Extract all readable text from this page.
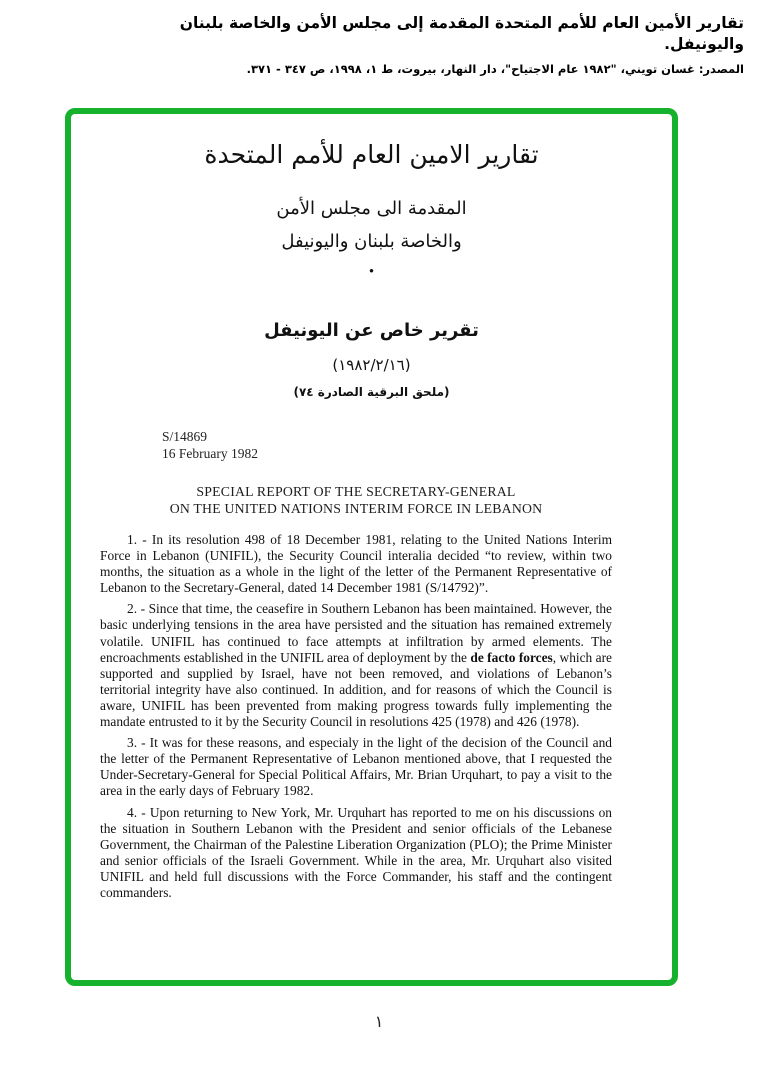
تقارير الأمين العام للأمم المتحدة المقدمة إلى مجلس الأمن والخاصة بلبنان واليونيفل.
المصدر: غسان تويني، "١٩٨٢ عام الاجتياح"، دار النهار، بيروت، ط ١، ١٩٩٨، ص ٣٤٧ - ٣٧١.
تقارير الامين العام للأمم المتحدة
المقدمة الى مجلس الأمن
والخاصة بلبنان واليونيفل
•
تقرير خاص عن اليونيفل
(١٩٨٢/٢/١٦)
(ملحق البرقية الصادرة ٧٤)
S/14869
16 February 1982
SPECIAL REPORT OF THE SECRETARY-GENERAL
ON THE UNITED NATIONS INTERIM FORCE IN LEBANON

1. - In its resolution 498 of 18 December 1981, relating to the United Nations Interim Force in Lebanon (UNIFIL), the Security Council interalia decided “to review, within two months, the situation as a whole in the light of the letter of the Permanent Representative of Lebanon to the Secretary-General, dated 14 December 1981 (S/14792)”.

2. - Since that time, the ceasefire in Southern Lebanon has been maintained. However, the basic underlying tensions in the area have persisted and the situation has remained extremely volatile. UNIFIL has continued to face attempts at infiltration by armed elements. The encroachments established in the UNIFIL area of deployment by the de facto forces, which are supported and supplied by Israel, have not been removed, and violations of Lebanon’s territorial integrity have also continued. In addition, and for reasons of which the Council is aware, UNIFIL has been prevented from making progress towards fully implementing the mandate entrusted to it by the Security Council in resolutions 425 (1978) and 426 (1978).

3. - It was for these reasons, and especialy in the light of the decision of the Council and the letter of the Permanent Representative of Lebanon mentioned above, that I requested the Under-Secretary-General for Special Political Affairs, Mr. Brian Urquhart, to pay a visit to the area in the early days of February 1982.

4. - Upon returning to New York, Mr. Urquhart has reported to me on his discussions on the situation in Southern Lebanon with the President and senior officials of the Lebanese Government, the Chairman of the Palestine Liberation Organization (PLO); the Prime Minister and senior officials of the Israeli Government. While in the area, Mr. Urquhart also visited UNIFIL and held full discussions with the Force Commander, his staff and the contingent commanders.

١
